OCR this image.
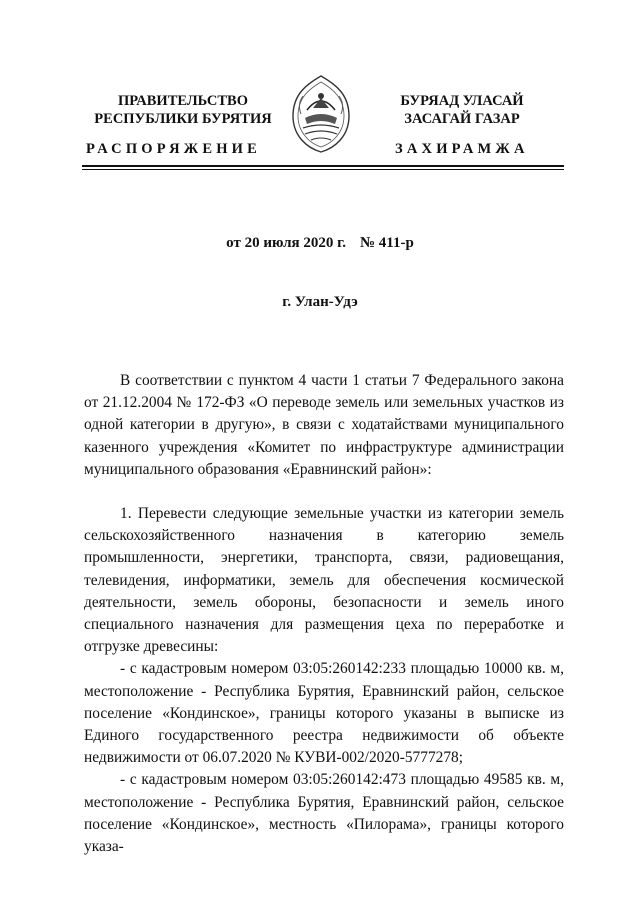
ПРАВИТЕЛЬСТВО
РЕСПУБЛИКИ БУРЯТИЯ
БУРЯАД УЛАСАЙ
ЗАСАГАЙ ГАЗАР
РАСПОРЯЖЕНИЕ	ЗАХИРАМЖА
от 20 июля 2020 г. № 411-р
г. Улан-Удэ

В соответствии с пунктом 4 части 1 статьи 7 Федерального закона от 21.12.2004 № 172-ФЗ «О переводе земель или земельных участков из одной категории в другую», в связи с ходатайствами муниципального казенного учреждения «Комитет по инфраструктуре администрации муниципального образования «Еравнинский район»:

1. Перевести следующие земельные участки из категории земель сельскохозяйственного назначения в категорию земель промышленности, энергетики, транспорта, связи, радиовещания, телевидения, информатики, земель для обеспечения космической деятельности, земель обороны, безопасности и земель иного специального назначения для размещения цеха по переработке и отгрузке древесины:

- с кадастровым номером 03:05:260142:233 площадью 10000 кв. м, местоположение - Республика Бурятия, Еравнинский район, сельское поселение «Кондинское», границы которого указаны в выписке из Единого государственного реестра недвижимости об объекте недвижимости от 06.07.2020 № КУВИ-002/2020-5777278;

- с кадастровым номером 03:05:260142:473 площадью 49585 кв. м, местоположение - Республика Бурятия, Еравнинский район, сельское поселение «Кондинское», местность «Пилорама», границы которого указа-
